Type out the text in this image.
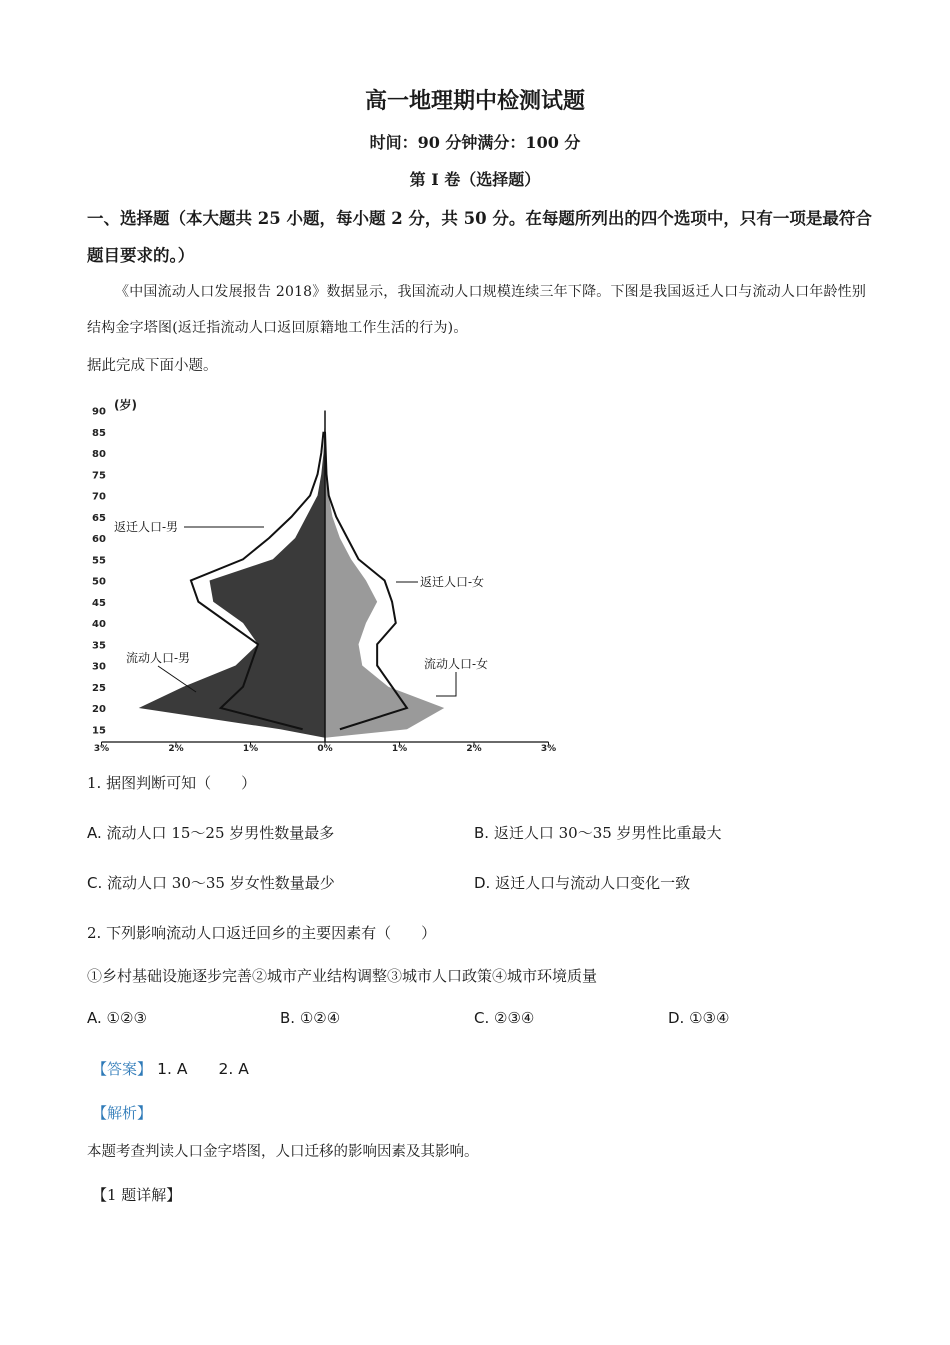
高一地理期中检测试题
时间：90 分钟满分：100 分
第 I 卷（选择题）
一、选择题（本大题共 25 小题，每小题 2 分，共 50 分。在每题所列出的四个选项中，只有一项是最符合题目要求的。）
《中国流动人口发展报告 2018》数据显示，我国流动人口规模连续三年下降。下图是我国返迁人口与流动人口年龄性别结构金字塔图(返迁指流动人口返回原籍地工作生活的行为)。
据此完成下面小题。
15
20
25
30
35
40
45
50
55
60
65
70
75
80
85
90
3%	2%	1%	0%	1%	2%	3%
(岁)
返迁人口-男
返迁人口-女
流动人口-男	流动人口-女
1. 据图判断可知（　　）
A. 流动人口 15～25 岁男性数量最多	B. 返迁人口 30～35 岁男性比重最大
C. 流动人口 30～35 岁女性数量最少	D. 返迁人口与流动人口变化一致
2. 下列影响流动人口返迁回乡的主要因素有（　　）
①乡村基础设施逐步完善②城市产业结构调整③城市人口政策④城市环境质量
A. ①②③	B. ①②④	C. ②③④	D. ①③④
【答案】 1. A 2. A
【解析】
本题考查判读人口金字塔图，人口迁移的影响因素及其影响。
【1 题详解】
